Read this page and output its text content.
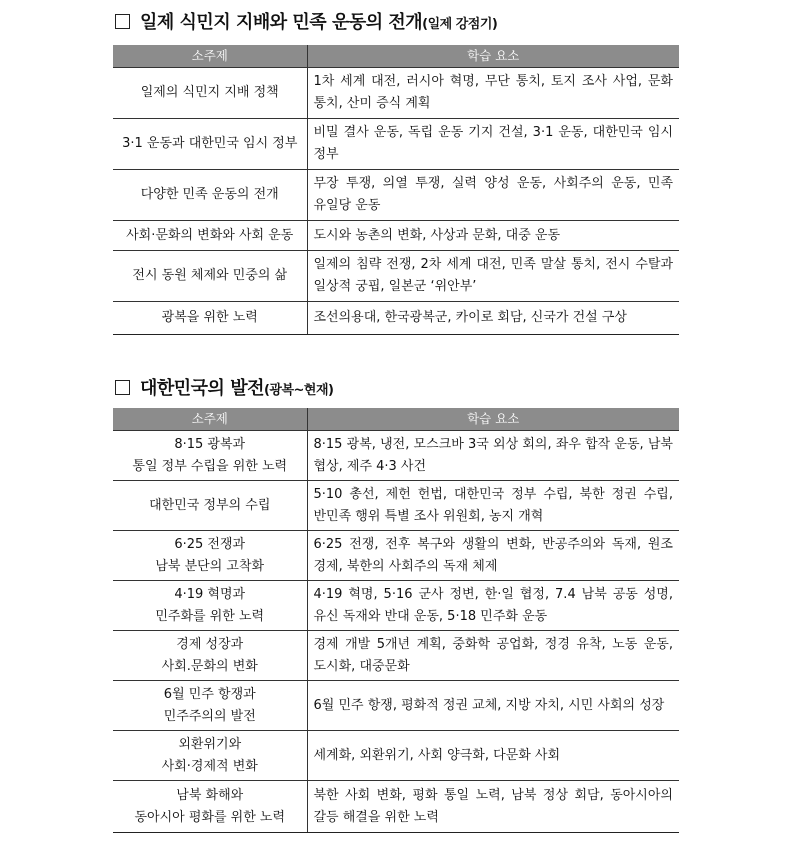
일제 식민지 지배와 민족 운동의 전개(일제 강점기)
소주제	학습 요소
일제의 식민지 지배 정책	1차 세계 대전, 러시아 혁명, 무단 통치, 토지 조사 사업, 문화 통치, 산미 증식 계획
3·1 운동과 대한민국 임시 정부	비밀 결사 운동, 독립 운동 기지 건설, 3·1 운동, 대한민국 임시 정부
다양한 민족 운동의 전개	무장 투쟁, 의열 투쟁, 실력 양성 운동, 사회주의 운동, 민족 유일당 운동
사회·문화의 변화와 사회 운동	도시와 농촌의 변화, 사상과 문화, 대중 운동
전시 동원 체제와 민중의 삶	일제의 침략 전쟁, 2차 세계 대전, 민족 말살 통치, 전시 수탈과 일상적 궁핍, 일본군 ‘위안부’
광복을 위한 노력	조선의용대, 한국광복군, 카이로 회담, 신국가 건설 구상
대한민국의 발전(광복~현재)
소주제	학습 요소
8·15 광복과
통일 정부 수립을 위한 노력	8·15 광복, 냉전, 모스크바 3국 외상 회의, 좌우 합작 운동, 남북 협상, 제주 4·3 사건
대한민국 정부의 수립	5·10 총선, 제헌 헌법, 대한민국 정부 수립, 북한 정권 수립, 반민족 행위 특별 조사 위원회, 농지 개혁
6·25 전쟁과
남북 분단의 고착화	6·25 전쟁, 전후 복구와 생활의 변화, 반공주의와 독재, 원조 경제, 북한의 사회주의 독재 체제
4·19 혁명과
민주화를 위한 노력	4·19 혁명, 5·16 군사 정변, 한·일 협정, 7.4 남북 공동 성명, 유신 독재와 반대 운동, 5·18 민주화 운동
경제 성장과
사회.문화의 변화	경제 개발 5개년 계획, 중화학 공업화, 정경 유착, 노동 운동, 도시화, 대중문화
6월 민주 항쟁과
민주주의의 발전	6월 민주 항쟁, 평화적 정권 교체, 지방 자치, 시민 사회의 성장
외환위기와
사회·경제적 변화	세계화, 외환위기, 사회 양극화, 다문화 사회
남북 화해와
동아시아 평화를 위한 노력	북한 사회 변화, 평화 통일 노력, 남북 정상 회담, 동아시아의 갈등 해결을 위한 노력
